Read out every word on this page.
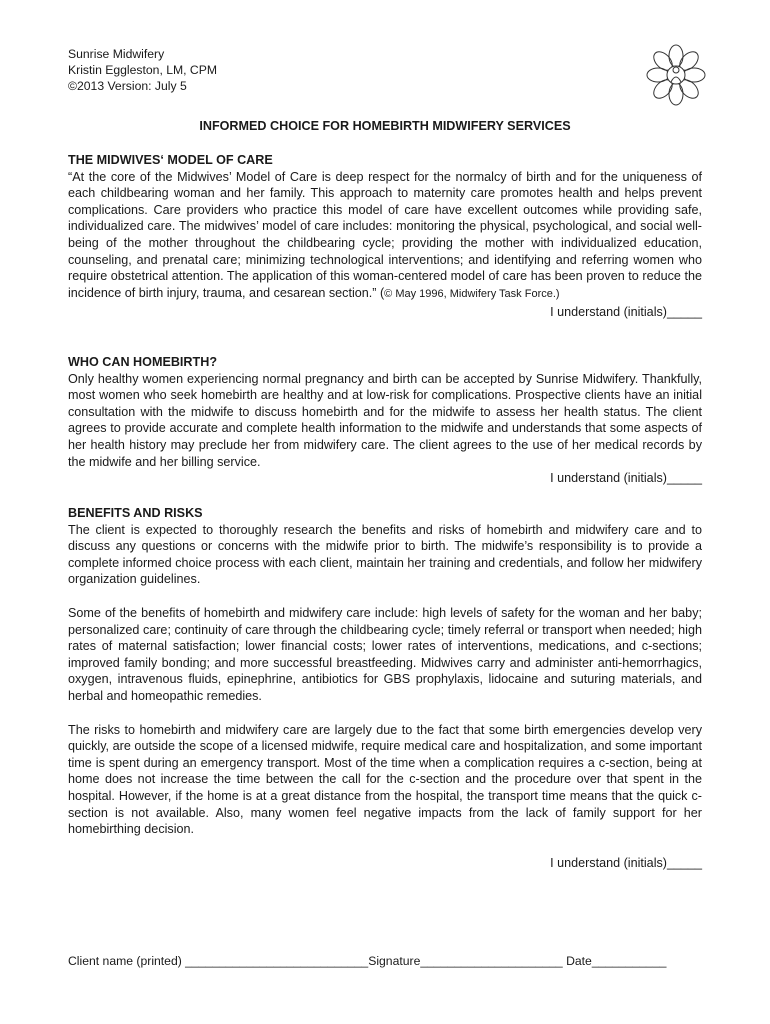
Sunrise Midwifery
Kristin Eggleston, LM, CPM
©2013 Version: July 5
INFORMED CHOICE FOR HOMEBIRTH MIDWIFERY SERVICES
THE MIDWIVES‘ MODEL OF CARE
“At the core of the Midwives’ Model of Care is deep respect for the normalcy of birth and for the uniqueness of each childbearing woman and her family. This approach to maternity care promotes health and helps prevent complications. Care providers who practice this model of care have excellent outcomes while providing safe, individualized care. The midwives’ model of care includes: monitoring the physical, psychological, and social well-being of the mother throughout the childbearing cycle; providing the mother with individualized education, counseling, and prenatal care; minimizing technological interventions; and identifying and referring women who require obstetrical attention. The application of this woman-centered model of care has been proven to reduce the incidence of birth injury, trauma, and cesarean section.” (© May 1996, Midwifery Task Force.)
I understand (initials)_____
WHO CAN HOMEBIRTH?
Only healthy women experiencing normal pregnancy and birth can be accepted by Sunrise Midwifery. Thankfully, most women who seek homebirth are healthy and at low-risk for complications. Prospective clients have an initial consultation with the midwife to discuss homebirth and for the midwife to assess her health status. The client agrees to provide accurate and complete health information to the midwife and understands that some aspects of her health history may preclude her from midwifery care. The client agrees to the use of her medical records by the midwife and her billing service.
I understand (initials)_____
BENEFITS AND RISKS
The client is expected to thoroughly research the benefits and risks of homebirth and midwifery care and to discuss any questions or concerns with the midwife prior to birth. The midwife’s responsibility is to provide a complete informed choice process with each client, maintain her training and credentials, and follow her midwifery organization guidelines.
Some of the benefits of homebirth and midwifery care include: high levels of safety for the woman and her baby; personalized care; continuity of care through the childbearing cycle; timely referral or transport when needed; high rates of maternal satisfaction; lower financial costs; lower rates of interventions, medications, and c-sections; improved family bonding; and more successful breastfeeding. Midwives carry and administer anti-hemorrhagics, oxygen, intravenous fluids, epinephrine, antibiotics for GBS prophylaxis, lidocaine and suturing materials, and herbal and homeopathic remedies.
The risks to homebirth and midwifery care are largely due to the fact that some birth emergencies develop very quickly, are outside the scope of a licensed midwife, require medical care and hospitalization, and some important time is spent during an emergency transport. Most of the time when a complication requires a c-section, being at home does not increase the time between the call for the c-section and the procedure over that spent in the hospital. However, if the home is at a great distance from the hospital, the transport time means that the quick c-section is not available. Also, many women feel negative impacts from the lack of family support for her homebirthing decision.
I understand (initials)_____
Client name (printed) ___________________________Signature_____________________ Date___________
